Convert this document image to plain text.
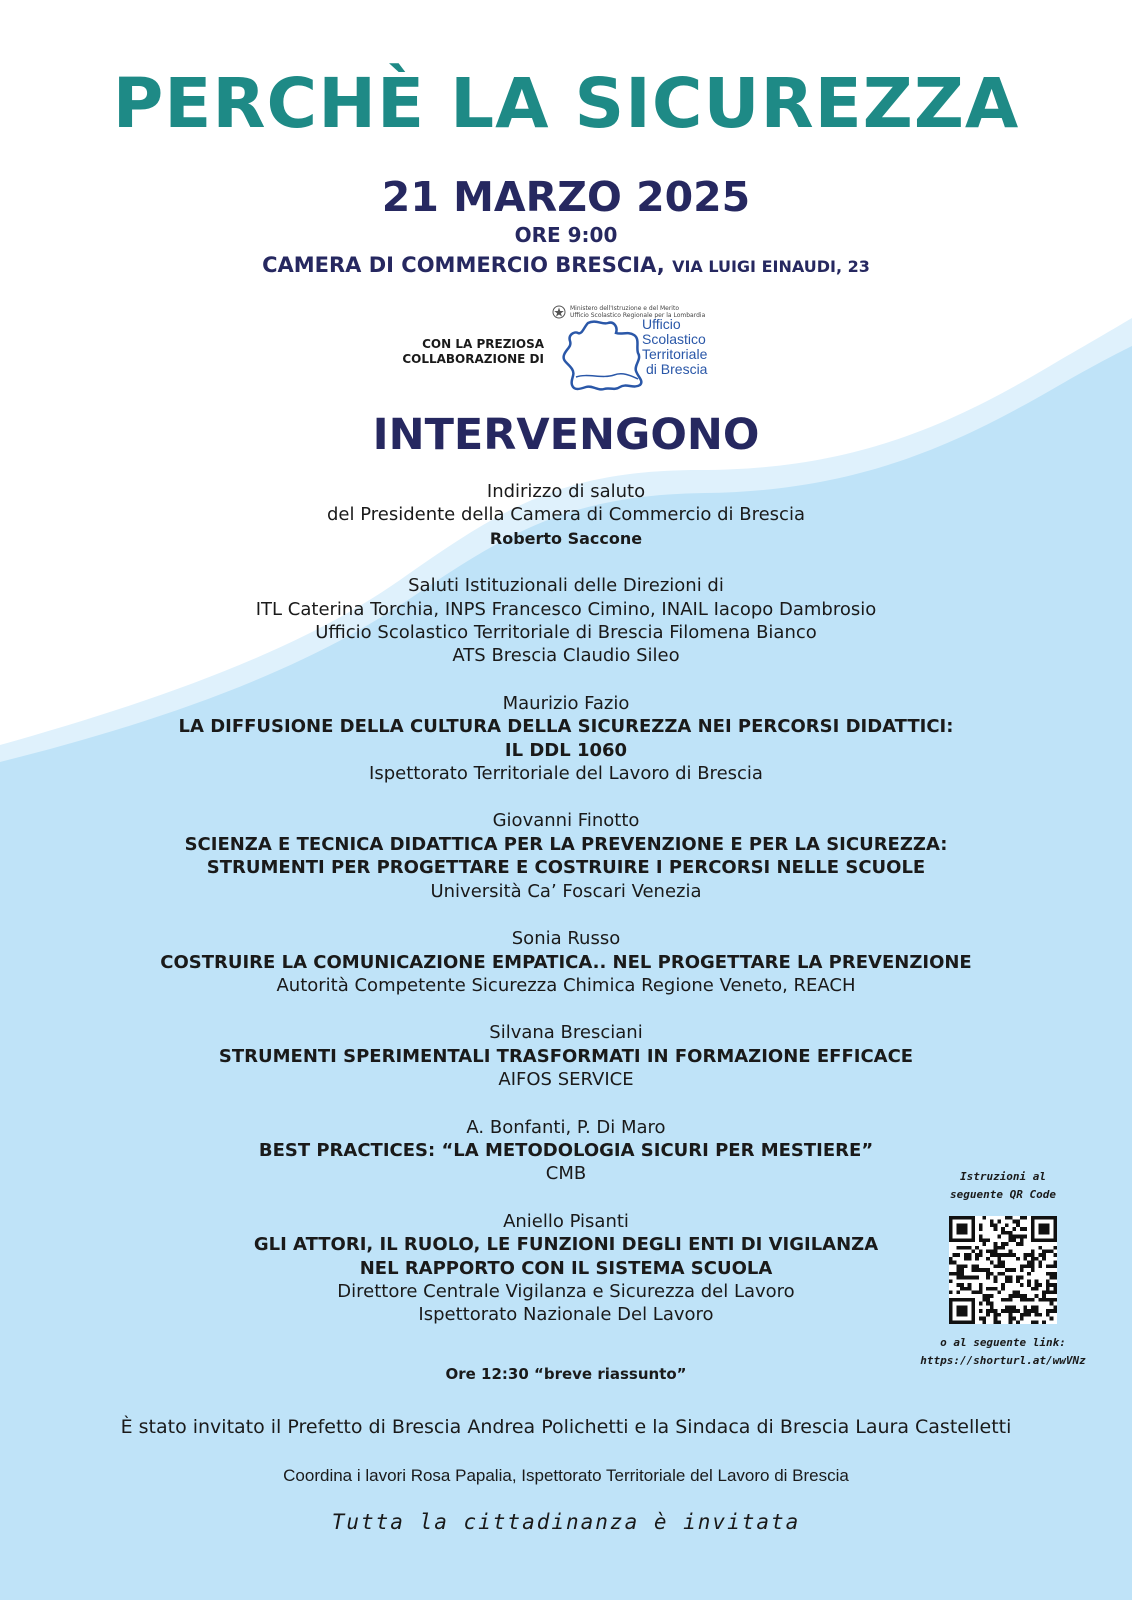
PERCHÈ LA SICUREZZA
21 MARZO 2025
ORE 9:00
CAMERA DI COMMERCIO BRESCIA, VIA LUIGI EINAUDI, 23
CON LA PREZIOSA
COLLABORAZIONE DI
Ministero dell'Istruzione e del Merito
Ufficio Scolastico Regionale per la Lombardia
Ufficio
Scolastico
Territoriale
di Brescia
INTERVENGONO
Indirizzo di saluto
del Presidente della Camera di Commercio di Brescia
Roberto Saccone
Saluti Istituzionali delle Direzioni di
ITL Caterina Torchia, INPS Francesco Cimino, INAIL Iacopo Dambrosio
Ufficio Scolastico Territoriale di Brescia Filomena Bianco
ATS Brescia Claudio Sileo
Maurizio Fazio
LA DIFFUSIONE DELLA CULTURA DELLA SICUREZZA NEI PERCORSI DIDATTICI:
IL DDL 1060
Ispettorato Territoriale del Lavoro di Brescia
Giovanni Finotto
SCIENZA E TECNICA DIDATTICA PER LA PREVENZIONE E PER LA SICUREZZA:
STRUMENTI PER PROGETTARE E COSTRUIRE I PERCORSI NELLE SCUOLE
Università Ca’ Foscari Venezia
Sonia Russo
COSTRUIRE LA COMUNICAZIONE EMPATICA.. NEL PROGETTARE LA PREVENZIONE
Autorità Competente Sicurezza Chimica Regione Veneto, REACH
Silvana Bresciani
STRUMENTI SPERIMENTALI TRASFORMATI IN FORMAZIONE EFFICACE
AIFOS SERVICE
A. Bonfanti, P. Di Maro
BEST PRACTICES: “LA METODOLOGIA SICURI PER MESTIERE”
CMB
Aniello Pisanti
GLI ATTORI, IL RUOLO, LE FUNZIONI DEGLI ENTI DI VIGILANZA
NEL RAPPORTO CON IL SISTEMA SCUOLA
Direttore Centrale Vigilanza e Sicurezza del Lavoro
Ispettorato Nazionale Del Lavoro
Istruzioni al
seguente QR Code
o al seguente link:
https://shorturl.at/wwVNz
Ore 12:30 “breve riassunto”
È stato invitato il Prefetto di Brescia Andrea Polichetti e la Sindaca di Brescia Laura Castelletti
Coordina i lavori Rosa Papalia, Ispettorato Territoriale del Lavoro di Brescia
Tutta la cittadinanza è invitata
